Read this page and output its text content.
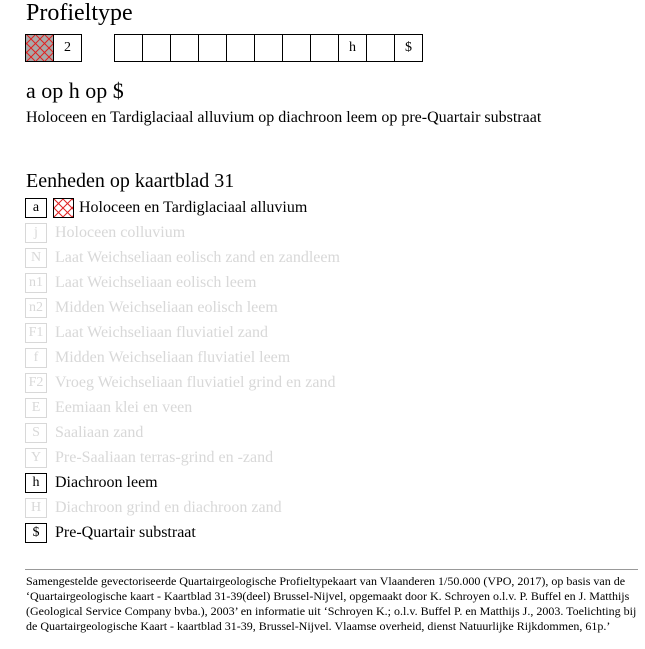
Profieltype
2	h	$

a op h op $

Holoceen en Tardiglaciaal alluvium op diachroon leem op pre-Quartair substraat

Eenheden op kaartblad 31
a	Holoceen en Tardiglaciaal alluvium
j	Holoceen colluvium
N Laat Weichseliaan eolisch zand en zandleem
n1 Laat Weichseliaan eolisch leem
n2 Midden Weichseliaan eolisch leem
F1 Laat Weichseliaan fluviatiel zand
f	Midden Weichseliaan fluviatiel leem
F2 Vroeg Weichseliaan fluviatiel grind en zand
E Eemiaan klei en veen
S Saaliaan zand
Y Pre-Saaliaan terras-grind en -zand
h Diachroon leem
H Diachroon grind en diachroon zand
$ Pre-Quartair substraat

Samengestelde gevectoriseerde Quartairgeologische Profieltypekaart van Vlaanderen 1/50.000 (VPO, 2017), op basis van de ‘Quartairgeologische kaart - Kaartblad 31-39(deel) Brussel-Nijvel, opgemaakt door K. Schroyen o.l.v. P. Buffel en J. Matthijs (Geological Service Company bvba.), 2003’ en informatie uit ‘Schroyen K.; o.l.v. Buffel P. en Matthijs J., 2003. Toelichting bij de Quartairgeologische Kaart - kaartblad 31-39, Brussel-Nijvel. Vlaamse overheid, dienst Natuurlijke Rijkdommen, 61p.’
